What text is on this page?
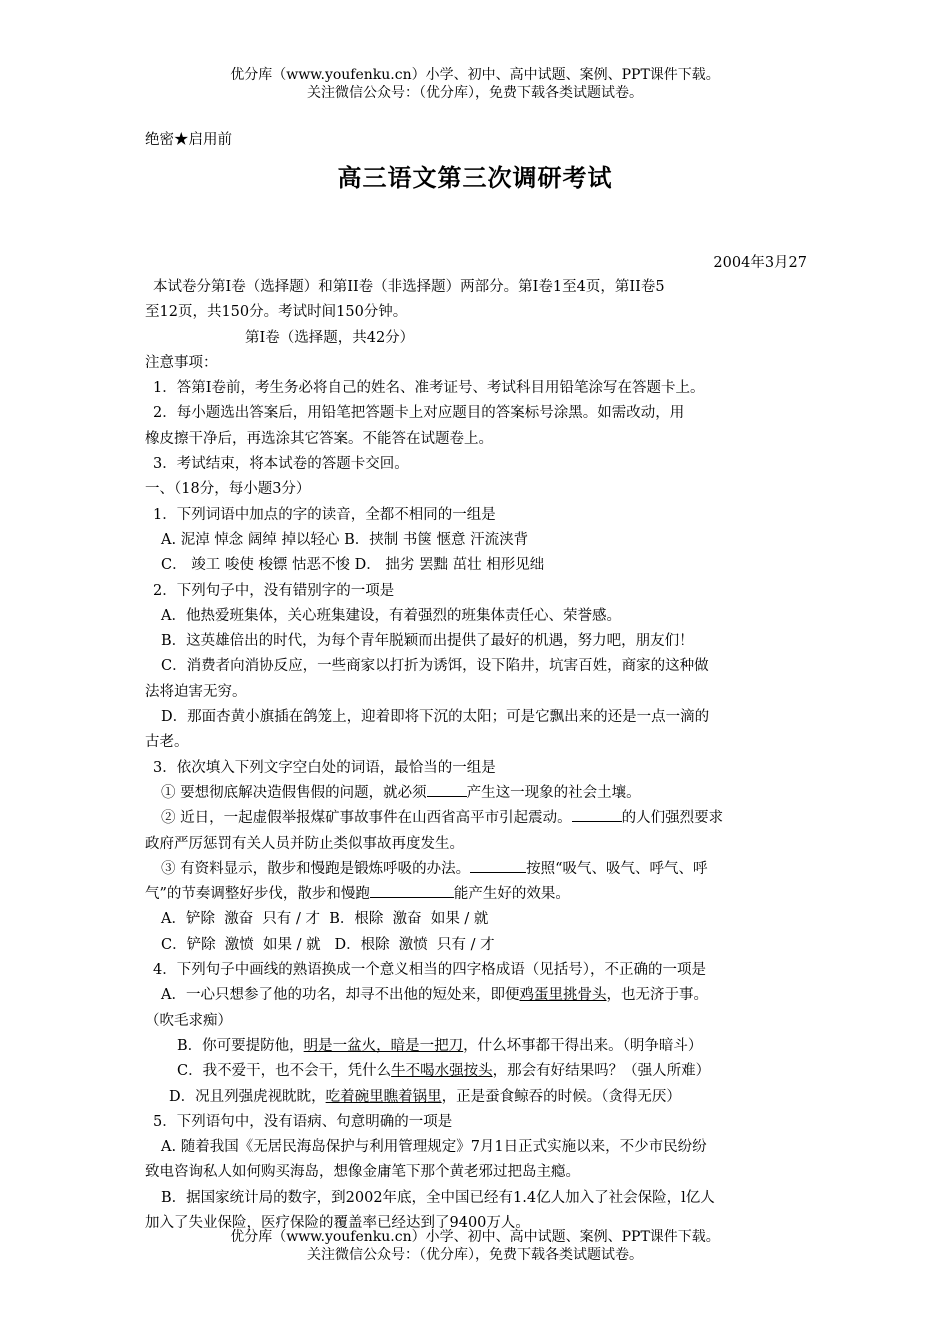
优分库（www.youfenku.cn）小学、初中、高中试题、案例、PPT课件下载。
关注微信公众号：（优分库），免费下载各类试题试卷。
绝密★启用前
高三语文第三次调研考试
2004年3月27

本试卷分第I卷（选择题）和第II卷（非选择题）两部分。第I卷1至4页，第II卷5

至12页，共150分。考试时间150分钟。

第I卷（选择题，共42分）

注意事项：

1．答第I卷前，考生务必将自己的姓名、准考证号、考试科目用铅笔涂写在答题卡上。

2．每小题选出答案后，用铅笔把答题卡上对应题目的答案标号涂黑。如需改动，用

橡皮擦干净后，再选涂其它答案。不能答在试题卷上。

3．考试结束，将本试卷的答题卡交回。

一、（18分，每小题3分）

1．下列词语中加点的字的读音，全都不相同的一组是

A. 泥淖 悼念 阔绰 掉以轻心 B．挟制 书箧 惬意 汗流浃背

C． 竣工 唆使 梭镖 怙恶不悛 D． 拙劣 罢黜 茁壮 相形见绌

2．下列句子中，没有错别字的一项是

A．他热爱班集体，关心班集建设，有着强烈的班集体责任心、荣誉感。

B．这英雄倍出的时代，为每个青年脱颖而出提供了最好的机遇，努力吧，朋友们！

C．消费者向消协反应，一些商家以打折为诱饵，设下陷井，坑害百姓，商家的这种做

法将迫害无穷。

D．那面杏黄小旗插在鸽笼上，迎着即将下沉的太阳；可是它飘出来的还是一点一滴的

古老。

3．依次填入下列文字空白处的词语，最恰当的一组是

① 要想彻底解决造假售假的问题，就必须	产生这一现象的社会土壤。

② 近日，一起虚假举报煤矿事故事件在山西省高平市引起震动。	的人们强烈要求

政府严厉惩罚有关人员并防止类似事故再度发生。

③ 有资料显示，散步和慢跑是锻炼呼吸的办法。	按照“吸气、吸气、呼气、呼

气”的节奏调整好步伐，散步和慢跑	能产生好的效果。

A．铲除  激奋  只有 / 才  B．根除  激奋  如果 / 就

C．铲除  激愤  如果 / 就   D．根除  激愤  只有 / 才

4．下列句子中画线的熟语换成一个意义相当的四字格成语（见括号），不正确的一项是

A．一心只想参了他的功名，却寻不出他的短处来，即便鸡蛋里挑骨头，也无济于事。

（吹毛求痴）

B．你可要提防他，明是一盆火，暗是一把刀，什么坏事都干得出来。（明争暗斗）

C．我不爱干，也不会干，凭什么牛不喝水强按头，那会有好结果吗？（强人所难）

D．况且列强虎视眈眈，吃着碗里瞧着锅里，正是蚕食鲸吞的时候。（贪得无厌）

5．下列语句中，没有语病、句意明确的一项是

A. 随着我国《无居民海岛保护与利用管理规定》7月1日正式实施以来，不少市民纷纷

致电咨询私人如何购买海岛，想像金庸笔下那个黄老邪过把岛主瘾。

B．据国家统计局的数字，到2002年底，全中国已经有1.4亿人加入了社会保险，l亿人

加入了失业保险，医疗保险的覆盖率已经达到了9400万人。

优分库（www.youfenku.cn）小学、初中、高中试题、案例、PPT课件下载。
关注微信公众号：（优分库），免费下载各类试题试卷。
